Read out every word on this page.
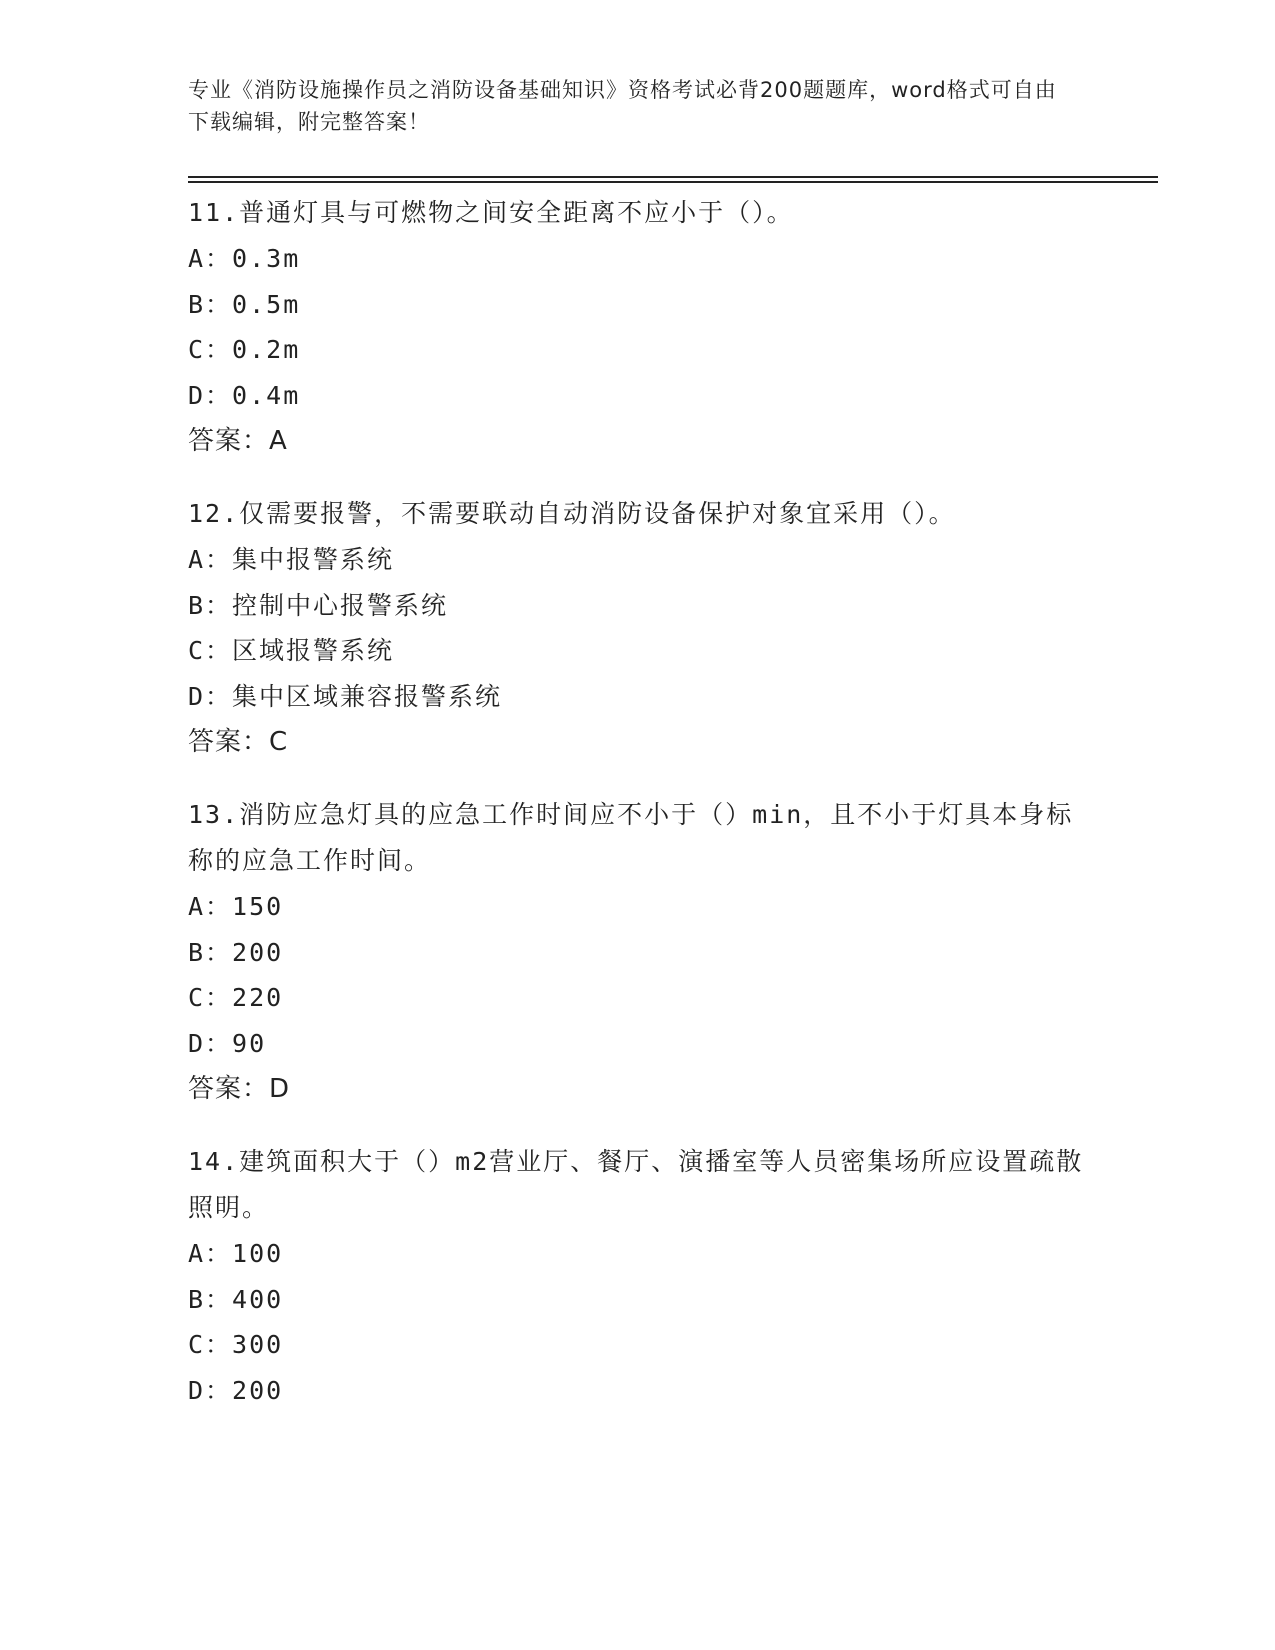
专业《消防设施操作员之消防设备基础知识》资格考试必背200题题库，word格式可自由下载编辑，附完整答案！
11.普通灯具与可燃物之间安全距离不应小于（）。
A：0.3m
B：0.5m
C：0.2m
D：0.4m
答案：A
12.仅需要报警，不需要联动自动消防设备保护对象宜采用（）。
A：集中报警系统
B：控制中心报警系统
C：区域报警系统
D：集中区域兼容报警系统
答案：C
13.消防应急灯具的应急工作时间应不小于（）min，且不小于灯具本身标称的应急工作时间。
A：150
B：200
C：220
D：90
答案：D
14.建筑面积大于（）m2营业厅、餐厅、演播室等人员密集场所应设置疏散照明。
A：100
B：400
C：300
D：200
